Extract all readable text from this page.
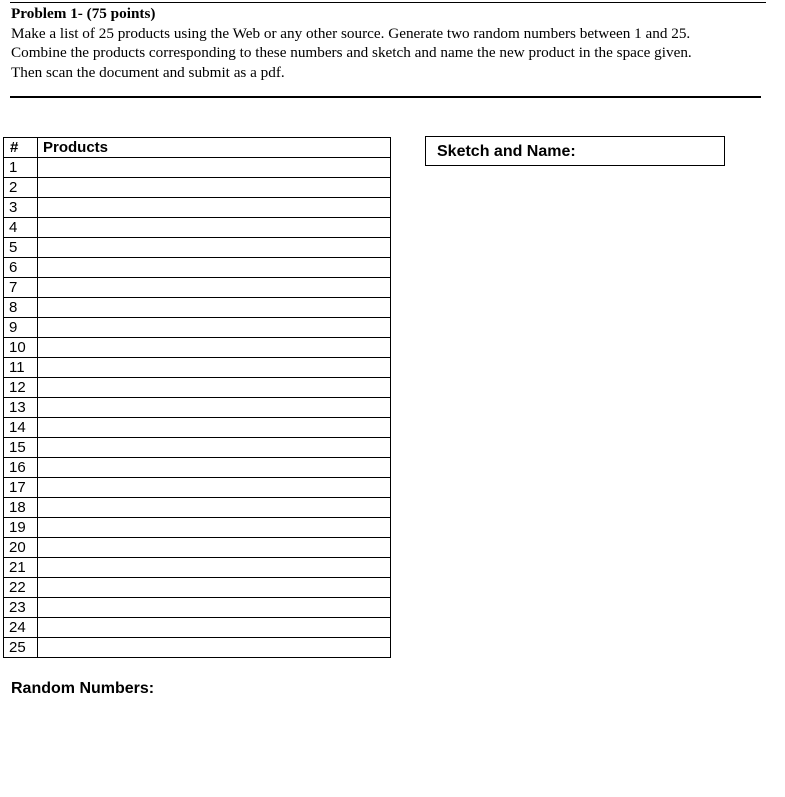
Problem 1- (75 points)

Make a list of 25 products using the Web or any other source. Generate two random numbers between 1 and 25.

Combine the products corresponding to these numbers and sketch and name the new product in the space given.

Then scan the document and submit as a pdf.

#	Products
1	
2	
3	
4	
5	
6	
7	
8	
9	
10	
11	
12	
13	
14	
15	
16	
17	
18	
19	
20	
21	
22	
23	
24	
25	
Sketch and Name:
Random Numbers:
